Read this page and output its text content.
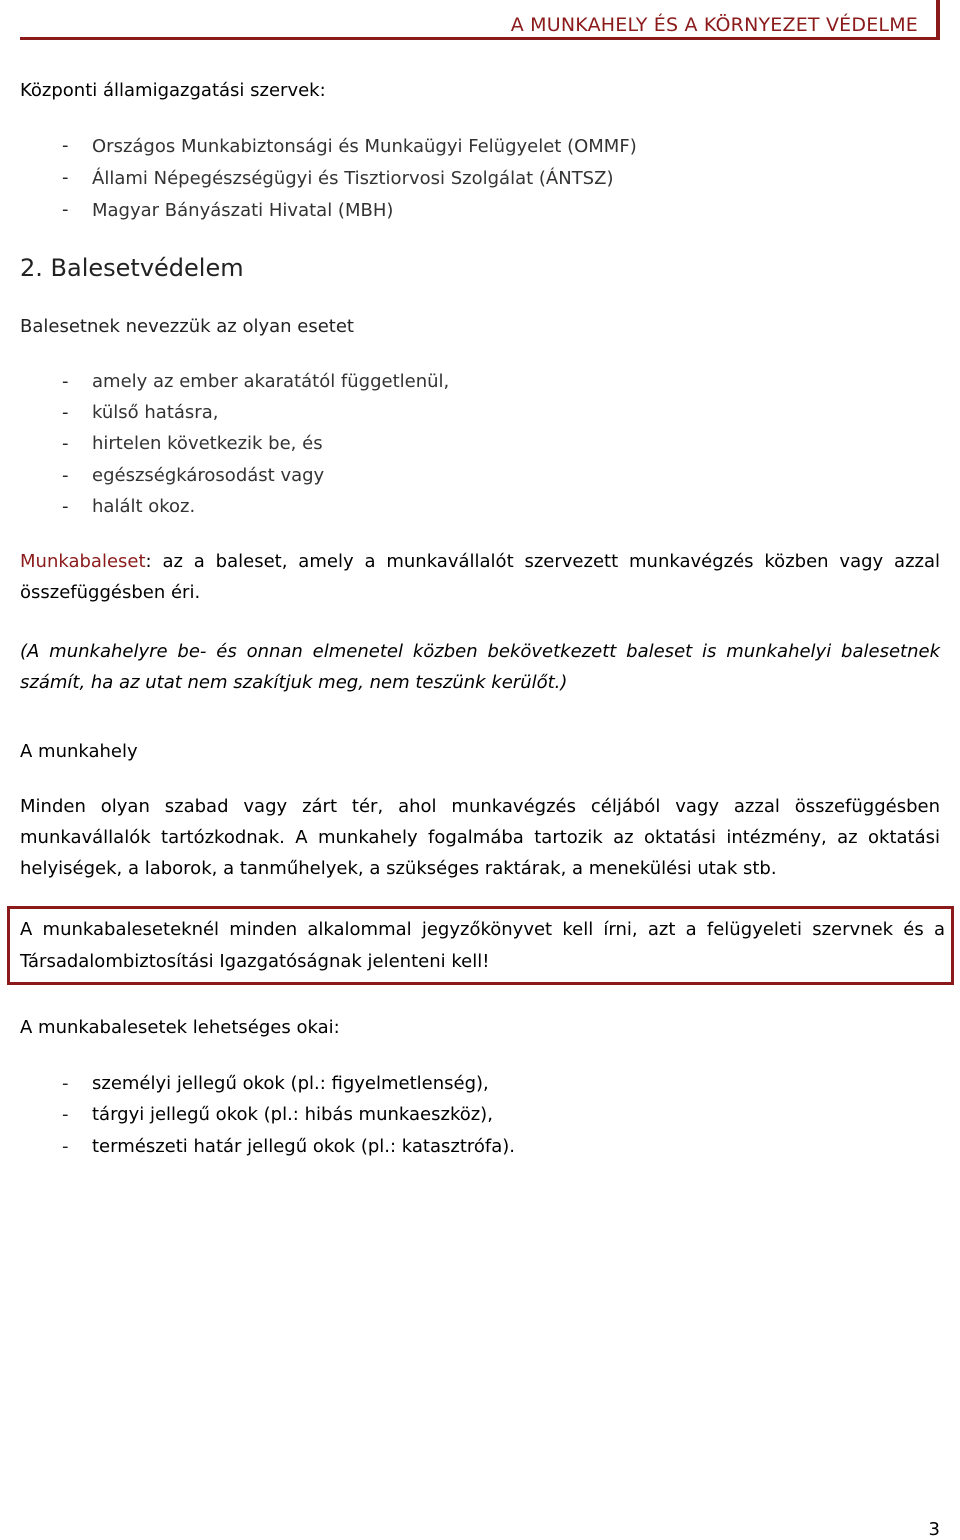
A MUNKAHELY ÉS A KÖRNYEZET VÉDELME
Központi államigazgatási szervek:
- Országos Munkabiztonsági és Munkaügyi Felügyelet (OMMF)
- Állami Népegészségügyi és Tisztiorvosi Szolgálat (ÁNTSZ)
- Magyar Bányászati Hivatal (MBH)
2. Balesetvédelem
Balesetnek nevezzük az olyan esetet
- amely az ember akaratától függetlenül,
- külső hatásra,
- hirtelen következik be, és
- egészségkárosodást vagy
- halált okoz.
Munkabaleset: az a baleset, amely a munkavállalót szervezett munkavégzés közben vagy azzal összefüggésben éri.
(A munkahelyre be- és onnan elmenetel közben bekövetkezett baleset is munkahelyi balesetnek számít, ha az utat nem szakítjuk meg, nem teszünk kerülőt.)
A munkahely
Minden olyan szabad vagy zárt tér, ahol munkavégzés céljából vagy azzal összefüggésben munkavállalók tartózkodnak. A munkahely fogalmába tartozik az oktatási intézmény, az oktatási helyiségek, a laborok, a tanműhelyek, a szükséges raktárak, a menekülési utak stb.
A munkabaleseteknél minden alkalommal jegyzőkönyvet kell írni, azt a felügyeleti szervnek és a Társadalombiztosítási Igazgatóságnak jelenteni kell!
A munkabalesetek lehetséges okai:
- személyi jellegű okok (pl.: figyelmetlenség),
- tárgyi jellegű okok (pl.: hibás munkaeszköz),
- természeti határ jellegű okok (pl.: katasztrófa).
3
